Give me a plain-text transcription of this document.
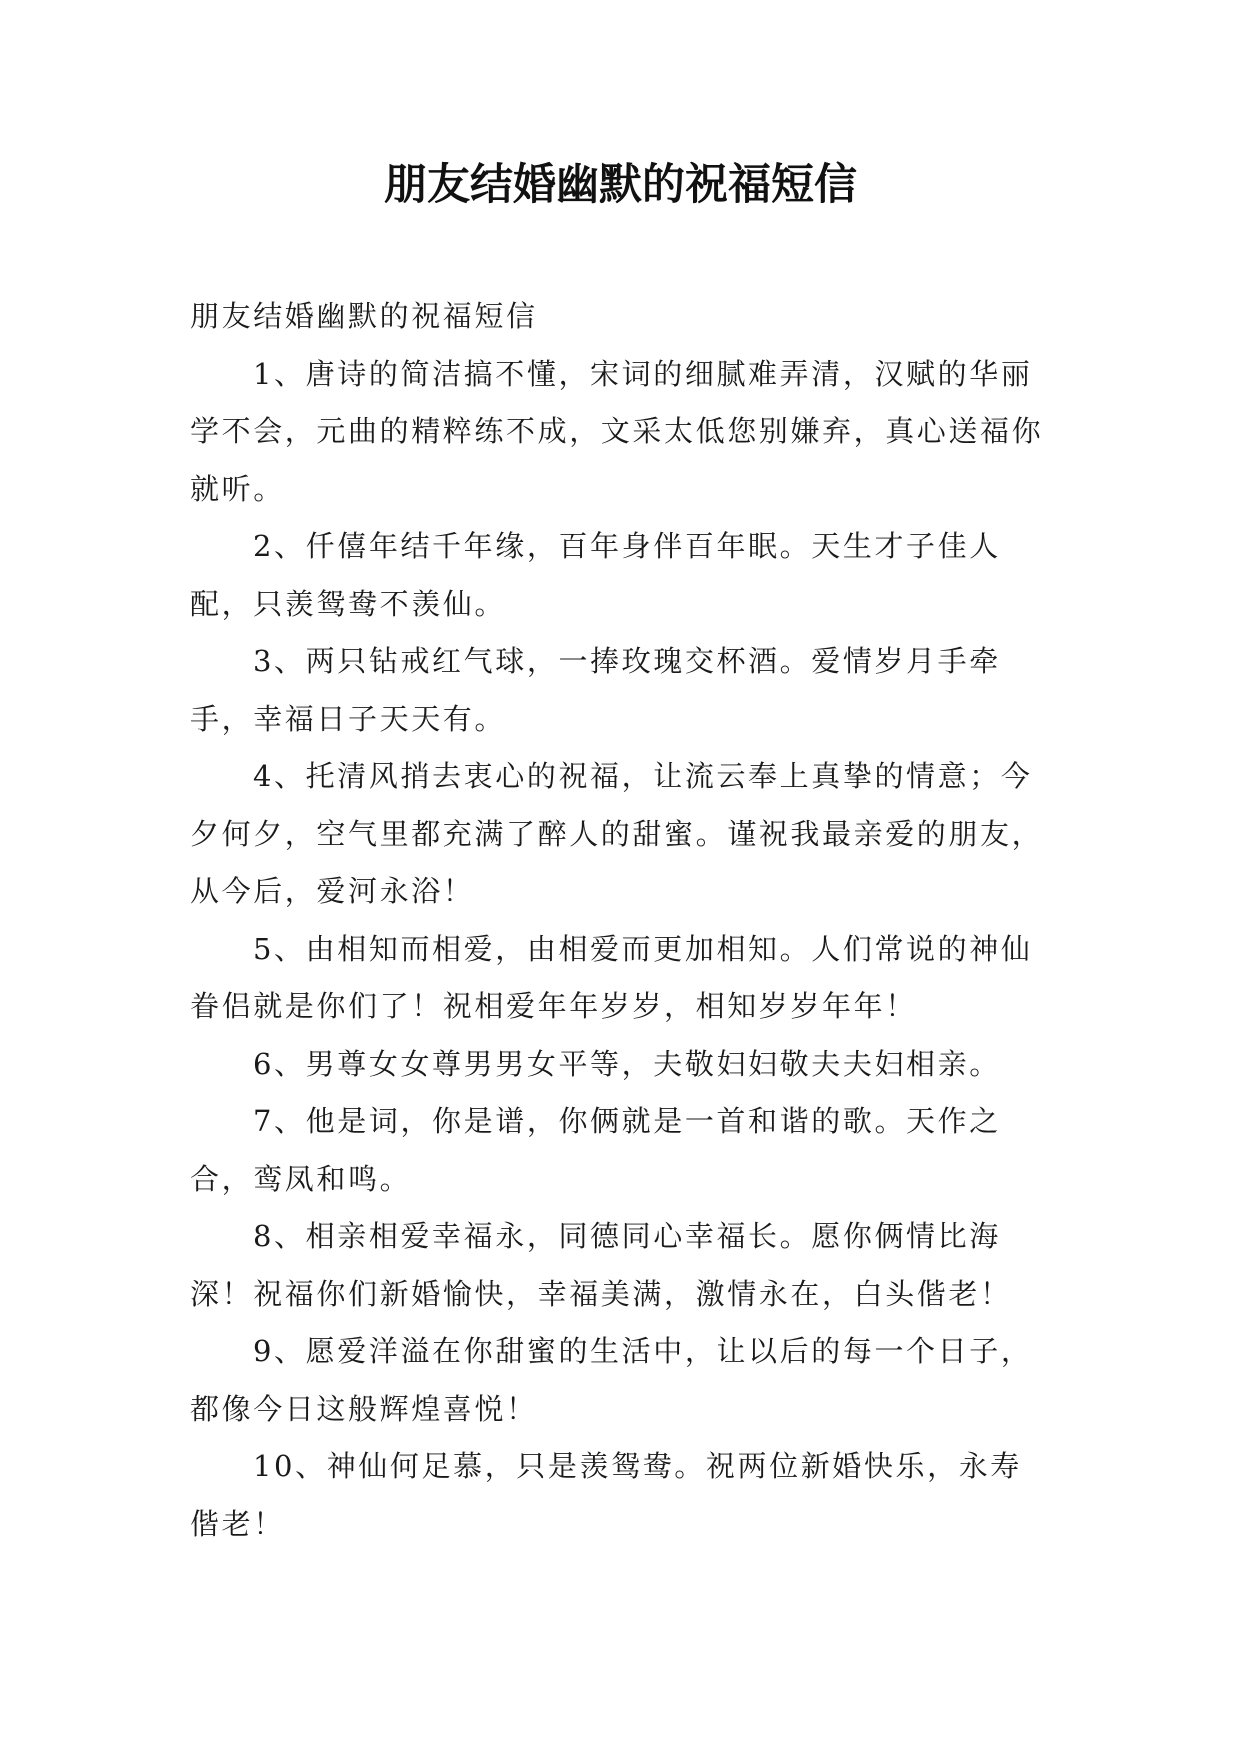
朋友结婚幽默的祝福短信

朋友结婚幽默的祝福短信

1、唐诗的简洁搞不懂，宋词的细腻难弄清，汉赋的华丽学不会，元曲的精粹练不成，文采太低您别嫌弃，真心送福你就听。

2、仟僖年结千年缘，百年身伴百年眠。天生才子佳人配，只羡鸳鸯不羡仙。

3、两只钻戒红气球，一捧玫瑰交杯酒。爱情岁月手牵手，幸福日子天天有。

4、托清风捎去衷心的祝福，让流云奉上真挚的情意；今夕何夕，空气里都充满了醉人的甜蜜。谨祝我最亲爱的朋友，从今后，爱河永浴！

5、由相知而相爱，由相爱而更加相知。人们常说的神仙眷侣就是你们了！祝相爱年年岁岁，相知岁岁年年！

6、男尊女女尊男男女平等，夫敬妇妇敬夫夫妇相亲。

7、他是词，你是谱，你俩就是一首和谐的歌。天作之合，鸾凤和鸣。

8、相亲相爱幸福永，同德同心幸福长。愿你俩情比海深！祝福你们新婚愉快，幸福美满，激情永在，白头偕老！

9、愿爱洋溢在你甜蜜的生活中，让以后的每一个日子，都像今日这般辉煌喜悦！

10、神仙何足慕，只是羡鸳鸯。祝两位新婚快乐，永寿偕老！
